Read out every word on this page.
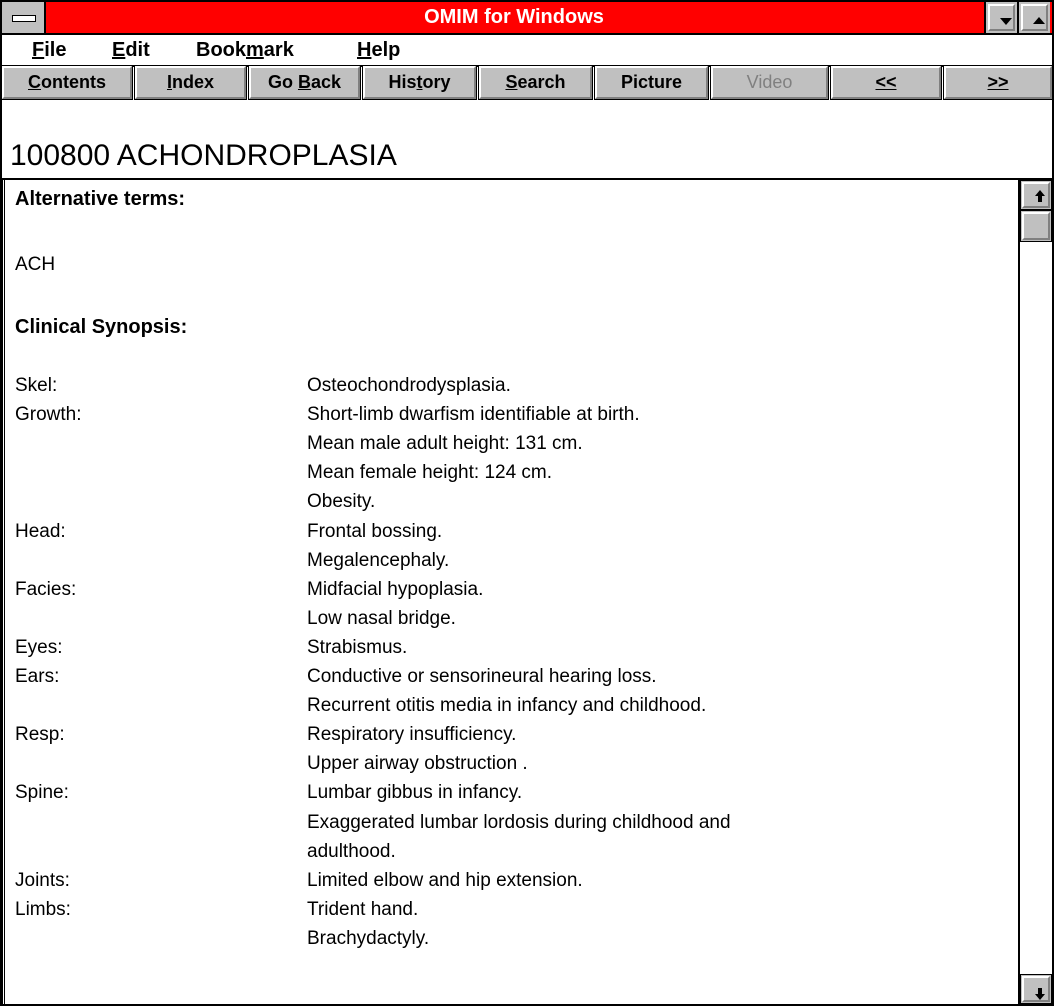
OMIM for Windows
File Edit Bookmark	Help
Contents	Index	Go Back	History	Search	Picture	Video	<<	>>
100800 ACHONDROPLASIA
Alternative terms:
ACH
Clinical Synopsis:
Skel:	Osteochondrodysplasia.
Growth:	Short-limb dwarfism identifiable at birth.
Mean male adult height: 131 cm.
Mean female height: 124 cm.
Obesity.
Head:	Frontal bossing.
Megalencephaly.
Facies:	Midfacial hypoplasia.
Low nasal bridge.
Eyes:	Strabismus.
Ears:	Conductive or sensorineural hearing loss.
Recurrent otitis media in infancy and childhood.
Resp:	Respiratory insufficiency.
Upper airway obstruction .
Spine:	Lumbar gibbus in infancy.
Exaggerated lumbar lordosis during childhood and
adulthood.
Joints:	Limited elbow and hip extension.
Limbs:	Trident hand.
Brachydactyly.
